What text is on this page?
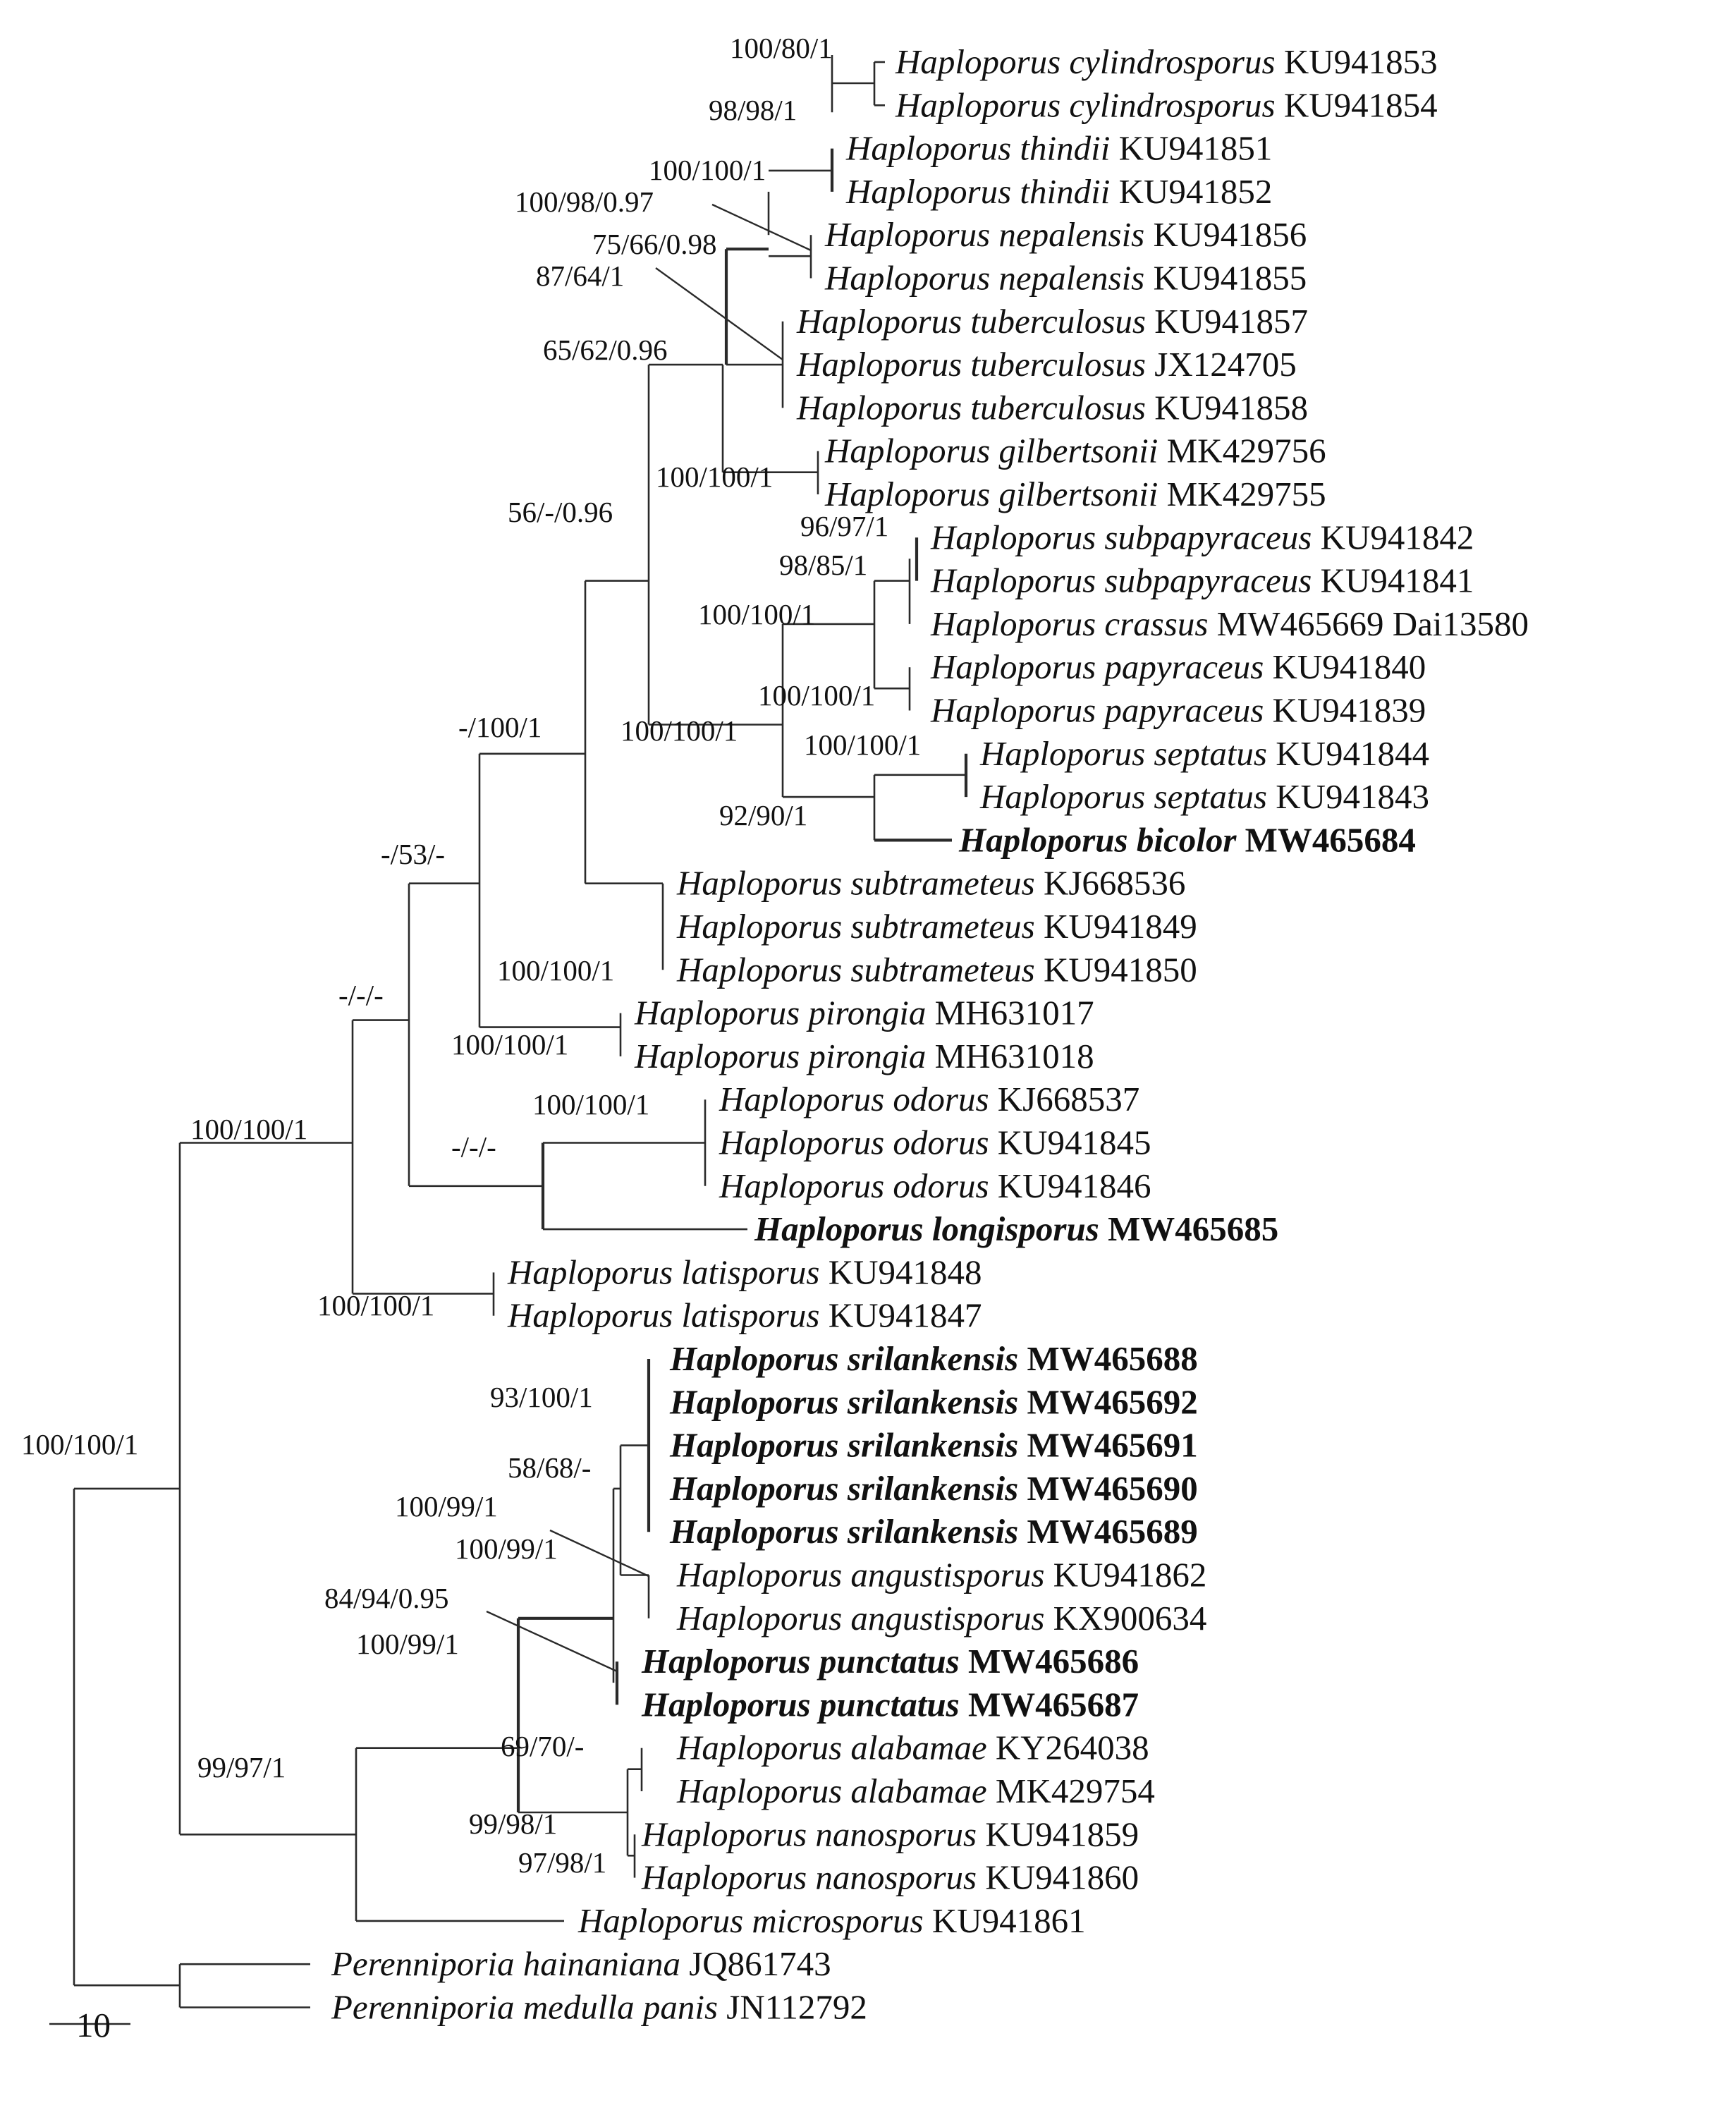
Haploporus cylindrosporus KU941853
Haploporus cylindrosporus KU941854
Haploporus thindii KU941851
Haploporus thindii KU941852
Haploporus nepalensis KU941856
Haploporus nepalensis KU941855
Haploporus tuberculosus KU941857
Haploporus tuberculosus JX124705
Haploporus tuberculosus KU941858
Haploporus gilbertsonii MK429756
Haploporus gilbertsonii MK429755
Haploporus subpapyraceus KU941842
Haploporus subpapyraceus KU941841
Haploporus crassus MW465669 Dai13580
Haploporus papyraceus KU941840
Haploporus papyraceus KU941839
Haploporus septatus KU941844
Haploporus septatus KU941843
Haploporus bicolor MW465684
Haploporus subtrameteus KJ668536
Haploporus subtrameteus KU941849
Haploporus subtrameteus KU941850
Haploporus pirongia MH631017
Haploporus pirongia MH631018
Haploporus odorus KJ668537
Haploporus odorus KU941845
Haploporus odorus KU941846
Haploporus longisporus MW465685
Haploporus latisporus KU941848
Haploporus latisporus KU941847
Haploporus srilankensis MW465688
Haploporus srilankensis MW465692
Haploporus srilankensis MW465691
Haploporus srilankensis MW465690
Haploporus srilankensis MW465689
Haploporus angustisporus KU941862
Haploporus angustisporus KX900634
Haploporus punctatus MW465686
Haploporus punctatus MW465687
Haploporus alabamae KY264038
Haploporus alabamae MK429754
Haploporus nanosporus KU941859
Haploporus nanosporus KU941860
Haploporus microsporus KU941861
Perenniporia hainaniana JQ861743
Perenniporia medulla panis JN112792
100/80/1
98/98/1
100/100/1
100/98/0.97
75/66/0.98
87/64/1
65/62/0.96
100/100/1
56/-/0.96	96/97/1
98/85/1
100/100/1
100/100/1
100/100/1 100/100/1
92/90/1
-/100/1
-/53/-
100/100/1
100/100/1
-/-/-
100/100/1
-/-/-
100/100/1
100/100/1
93/100/1
58/68/-
100/99/1
100/99/1
84/94/0.95
100/99/1
69/70/-
99/98/1
97/98/1
99/97/1
100/100/1
10
